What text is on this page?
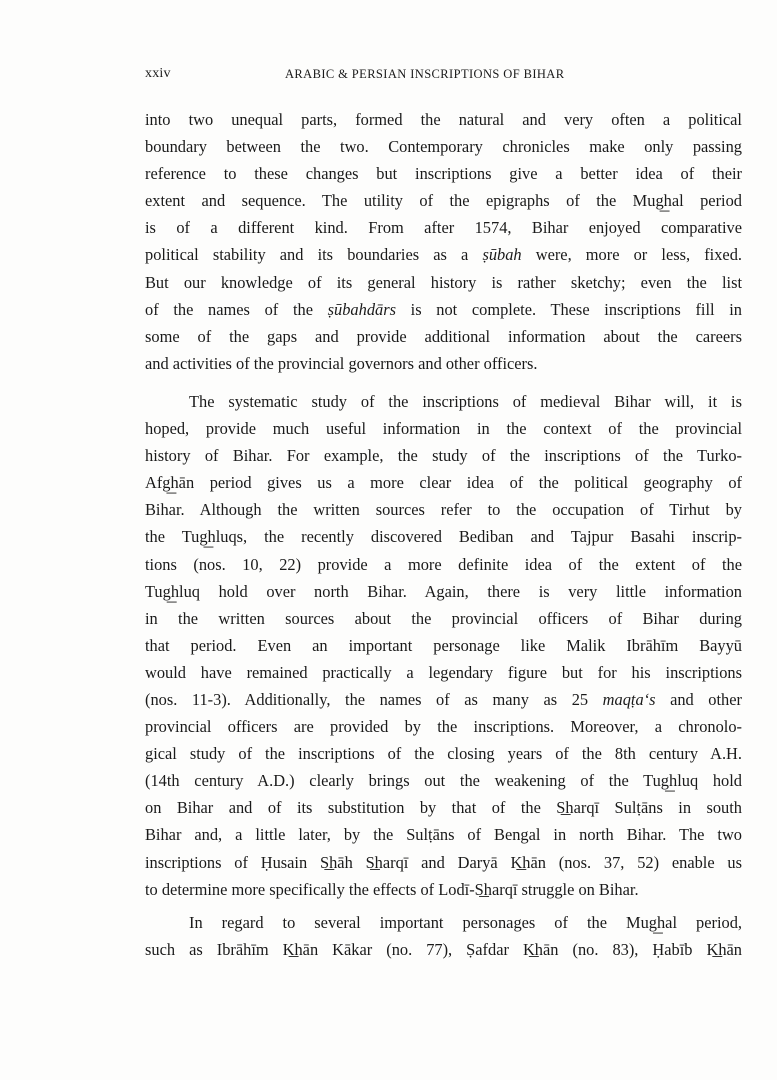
xxiv	ARABIC & PERSIAN INSCRIPTIONS OF BIHAR
into two unequal parts, formed the natural and very often a political
boundary between the two. Contemporary chronicles make only passing
reference to these changes but inscriptions give a better idea of their
extent and sequence. The utility of the epigraphs of the Mug͟hal period
is of a different kind. From after 1574, Bihar enjoyed comparative
political stability and its boundaries as a ṣūbah were, more or less, fixed.
But our knowledge of its general history is rather sketchy; even the list
of the names of the ṣūbahdārs is not complete. These inscriptions fill in
some of the gaps and provide additional information about the careers
and activities of the provincial governors and other officers.
The systematic study of the inscriptions of medieval Bihar will, it is
hoped, provide much useful information in the context of the provincial
history of Bihar. For example, the study of the inscriptions of the Turko-
Afg͟hān period gives us a more clear idea of the political geography of
Bihar. Although the written sources refer to the occupation of Tirhut by
the Tug͟hluqs, the recently discovered Bediban and Tajpur Basahi inscrip-
tions (nos. 10, 22) provide a more definite idea of the extent of the
Tug͟hluq hold over north Bihar. Again, there is very little information
in the written sources about the provincial officers of Bihar during
that period. Even an important personage like Malik Ibrāhīm Bayyū
would have remained practically a legendary figure but for his inscriptions
(nos. 11-3). Additionally, the names of as many as 25 maqṭa‘s and other
provincial officers are provided by the inscriptions. Moreover, a chronolo-
gical study of the inscriptions of the closing years of the 8th century A.H.
(14th century A.D.) clearly brings out the weakening of the Tug͟hluq hold
on Bihar and of its substitution by that of the S͟harqī Sulṭāns in south
Bihar and, a little later, by the Sulṭāns of Bengal in north Bihar. The two
inscriptions of Ḥusain S͟hāh S͟harqī and Daryā K͟hān (nos. 37, 52) enable us
to determine more specifically the effects of Lodī-S͟harqī struggle on Bihar.
In regard to several important personages of the Mug͟hal period,
such as Ibrāhīm K͟hān Kākar (no. 77), Ṣafdar K͟hān (no. 83), Ḥabīb K͟hān
